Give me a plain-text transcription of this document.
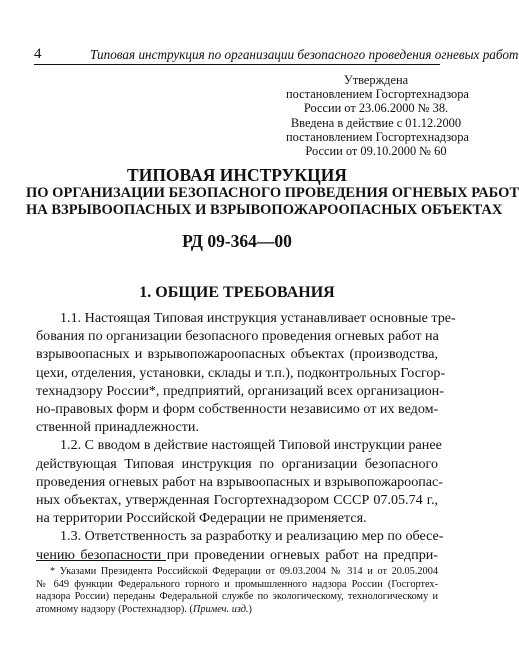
4	Типовая инструкция по организации безопасного проведения огневых работ
Утверждена
постановлением Госгортехнадзора
России от 23.06.2000 № 38.
Введена в действие с 01.12.2000
постановлением Госгортехнадзора
России от 09.10.2000 № 60
ТИПОВАЯ ИНСТРУКЦИЯ
ПО ОРГАНИЗАЦИИ БЕЗОПАСНОГО ПРОВЕДЕНИЯ ОГНЕВЫХ РАБОТ
НА ВЗРЫВООПАСНЫХ И ВЗРЫВОПОЖАРООПАСНЫХ ОБЪЕКТАХ
РД 09-364—00
1. ОБЩИЕ ТРЕБОВАНИЯ
1.1. Настоящая Типовая инструкция устанавливает основные тре-
бования по организации безопасного проведения огневых работ на
взрывоопасных и взрывопожароопасных объектах (производства,
цехи, отделения, установки, склады и т.п.), подконтрольных Госгор-
технадзору России*, предприятий, организаций всех организацион-
но-правовых форм и форм собственности независимо от их ведом-
ственной принадлежности.
1.2. С вводом в действие настоящей Типовой инструкции ранее
действующая Типовая инструкция по организации безопасного
проведения огневых работ на взрывоопасных и взрывопожароопас-
ных объектах, утвержденная Госгортехнадзором СССР 07.05.74 г.,
на территории Российской Федерации не применяется.
1.3. Ответственность за разработку и реализацию мер по обесе-
чению безопасности при проведении огневых работ на предпри-
* Указами Президента Российской Федерации от 09.03.2004 № 314 и от 20.05.2004
№ 649 функции Федерального горного и промышленного надзора России (Госгортех-
надзора России) переданы Федеральной службе по экологическому, технологическому и
атомному надзору (Ростехнадзор). (Примеч. изд.)
